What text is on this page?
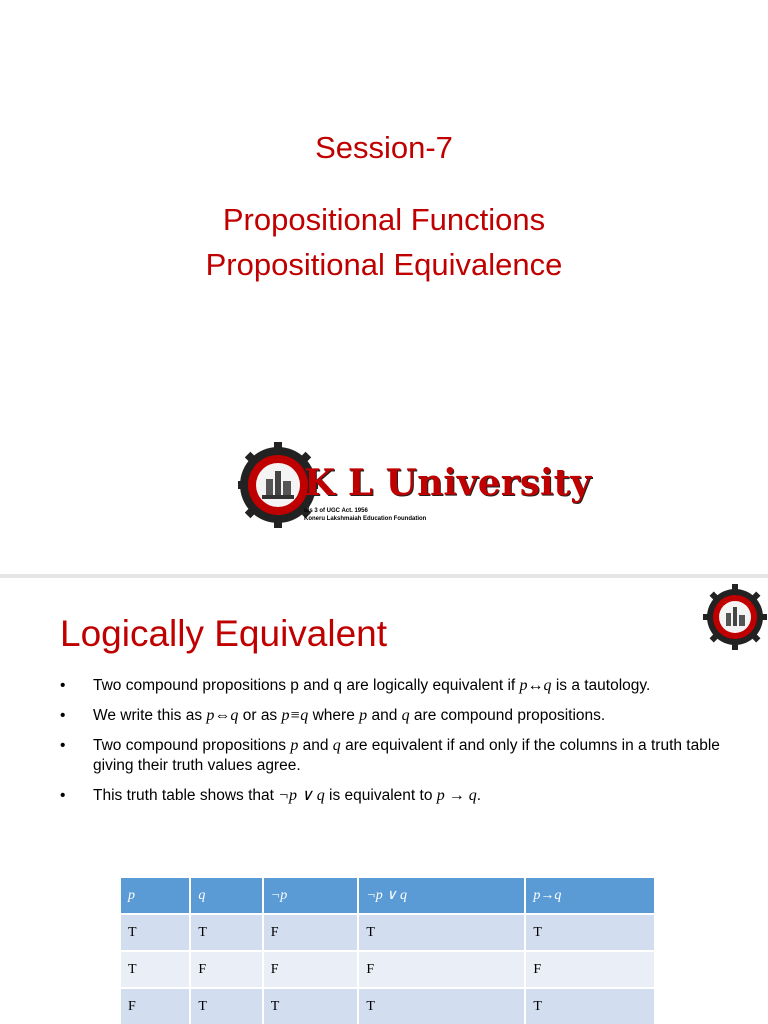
Session-7
Propositional Functions
Propositional Equivalence
K L University
u/s 3 of UGC Act. 1956
Koneru Lakshmaiah Education Foundation
Logically Equivalent
• Two compound propositions p and q are logically equivalent if p↔q is a tautology.
• We write this as p⇔q or as p≡q where p and q are compound propositions.
• Two compound propositions p and q are equivalent if and only if the columns in a truth table giving their truth values agree.
• This truth table shows that ¬p ∨ q is equivalent to p → q.
p	q	¬p	¬p ∨ q	p→q
T	T	F	T	T
T	F	F	F	F
F	T	T	T	T
